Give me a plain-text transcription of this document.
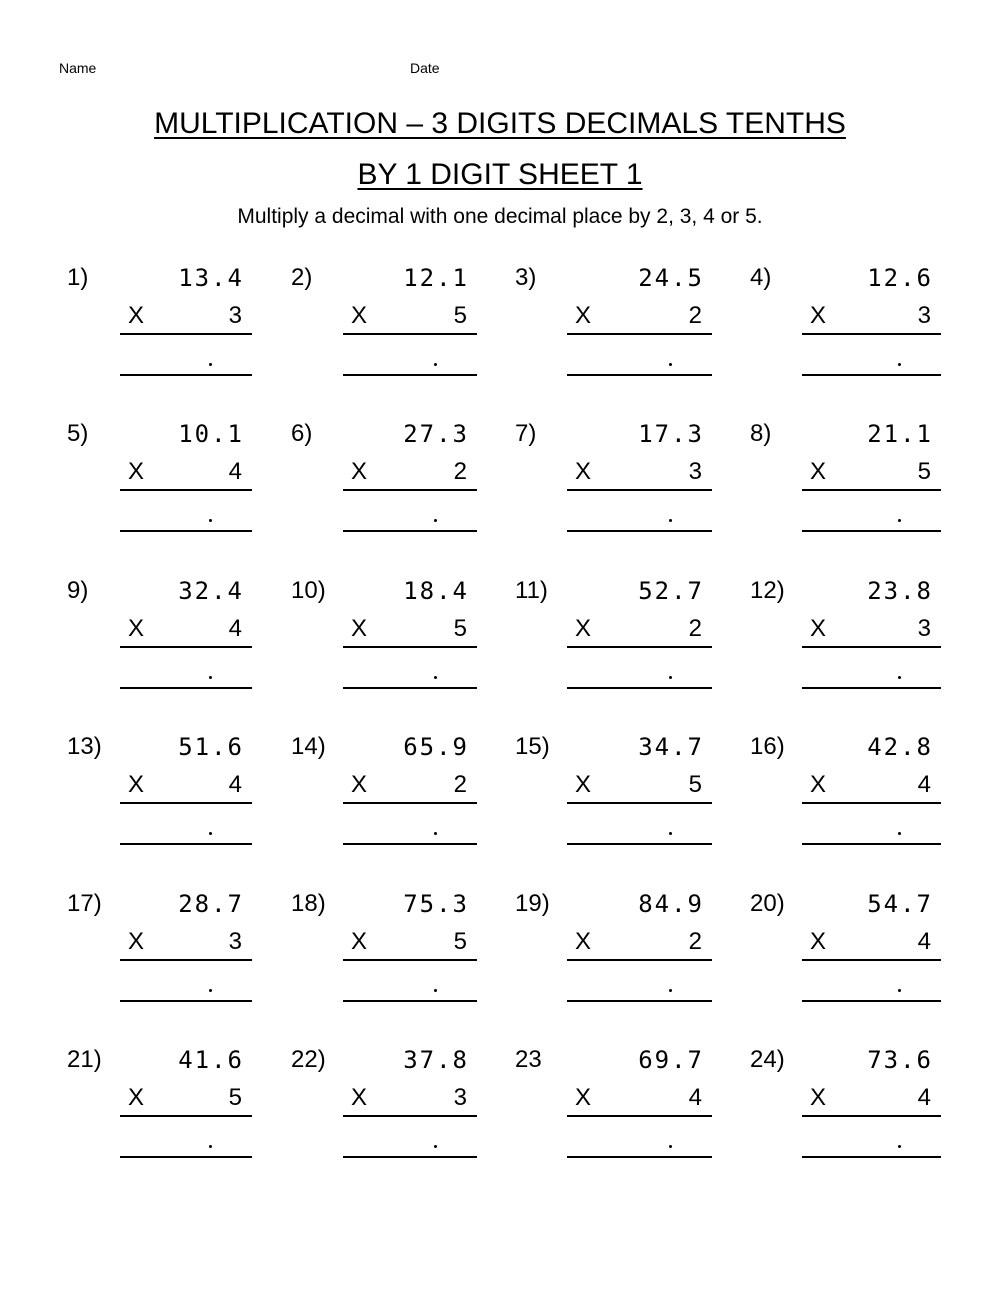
Name	Date
MULTIPLICATION – 3 DIGITS DECIMALS TENTHS
BY 1 DIGIT SHEET 1
Multiply a decimal with one decimal place by 2, 3, 4 or 5.
1)	13.4
X	3
2)	12.1
X	5
3)	24.5
X	2
4)	12.6
X	3
5)	10.1
X	4
6)	27.3
X	2
7)	17.3
X	3
8)	21.1
X	5
9)	32.4
X	4
10)	18.4
X	5
11)	52.7
X	2
12)	23.8
X	3
13)	51.6
X	4
14)	65.9
X	2
15)	34.7
X	5
16)	42.8
X	4
17)	28.7
X	3
18)	75.3
X	5
19)	84.9
X	2
20)	54.7
X	4
21)	41.6
X	5
22)	37.8
X	3
23	69.7
X	4
24)	73.6
X	4
